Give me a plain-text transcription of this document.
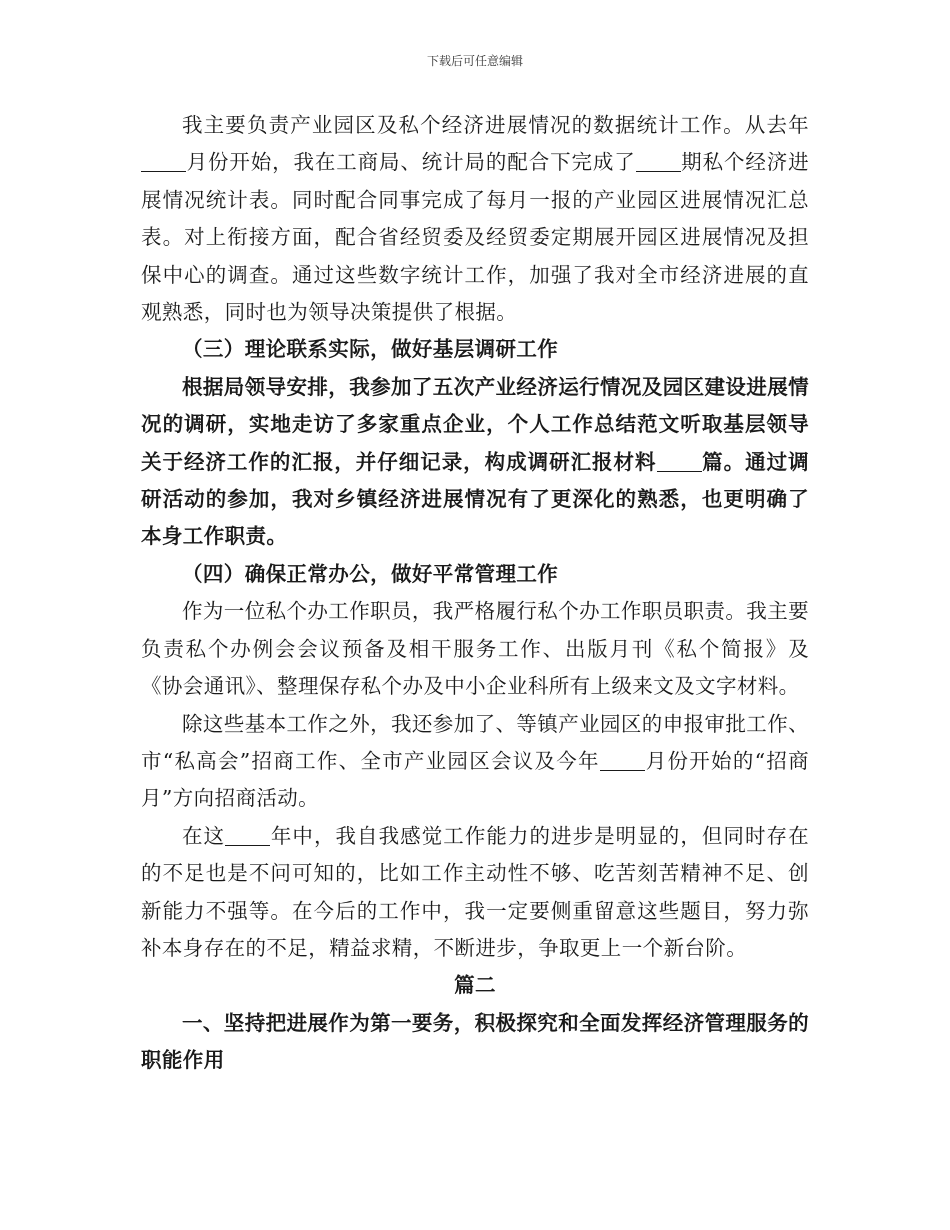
下载后可任意编辑

我主要负责产业园区及私个经济进展情况的数据统计工作。从去年月份开始，我在工商局、统计局的配合下完成了 期私个经济进展情况统计表。同时配合同事完成了每月一报的产业园区进展情况汇总表。对上衔接方面，配合省经贸委及经贸委定期展开园区进展情况及担保中心的调查。通过这些数字统计工作，加强了我对全市经济进展的直观熟悉，同时也为领导决策提供了根据。

（三）理论联系实际，做好基层调研工作

根据局领导安排，我参加了五次产业经济运行情况及园区建设进展情况的调研，实地走访了多家重点企业，个人工作总结范文听取基层领导关于经济工作的汇报，并仔细记录，构成调研汇报材料 篇。通过调研活动的参加，我对乡镇经济进展情况有了更深化的熟悉，也更明确了本身工作职责。

（四）确保正常办公，做好平常管理工作

作为一位私个办工作职员，我严格履行私个办工作职员职责。我主要负责私个办例会会议预备及相干服务工作、出版月刊《私个简报》及《协会通讯》、整理保存私个办及中小企业科所有上级来文及文字材料。

除这些基本工作之外，我还参加了、等镇产业园区的申报审批工作、市“私高会”招商工作、全市产业园区会议及今年 月份开始的“招商月”方向招商活动。

在这 年中，我自我感觉工作能力的进步是明显的，但同时存在的不足也是不问可知的，比如工作主动性不够、吃苦刻苦精神不足、创新能力不强等。在今后的工作中，我一定要侧重留意这些题目，努力弥补本身存在的不足，精益求精，不断进步，争取更上一个新台阶。

篇二

一、坚持把进展作为第一要务，积极探究和全面发挥经济管理服务的职能作用
